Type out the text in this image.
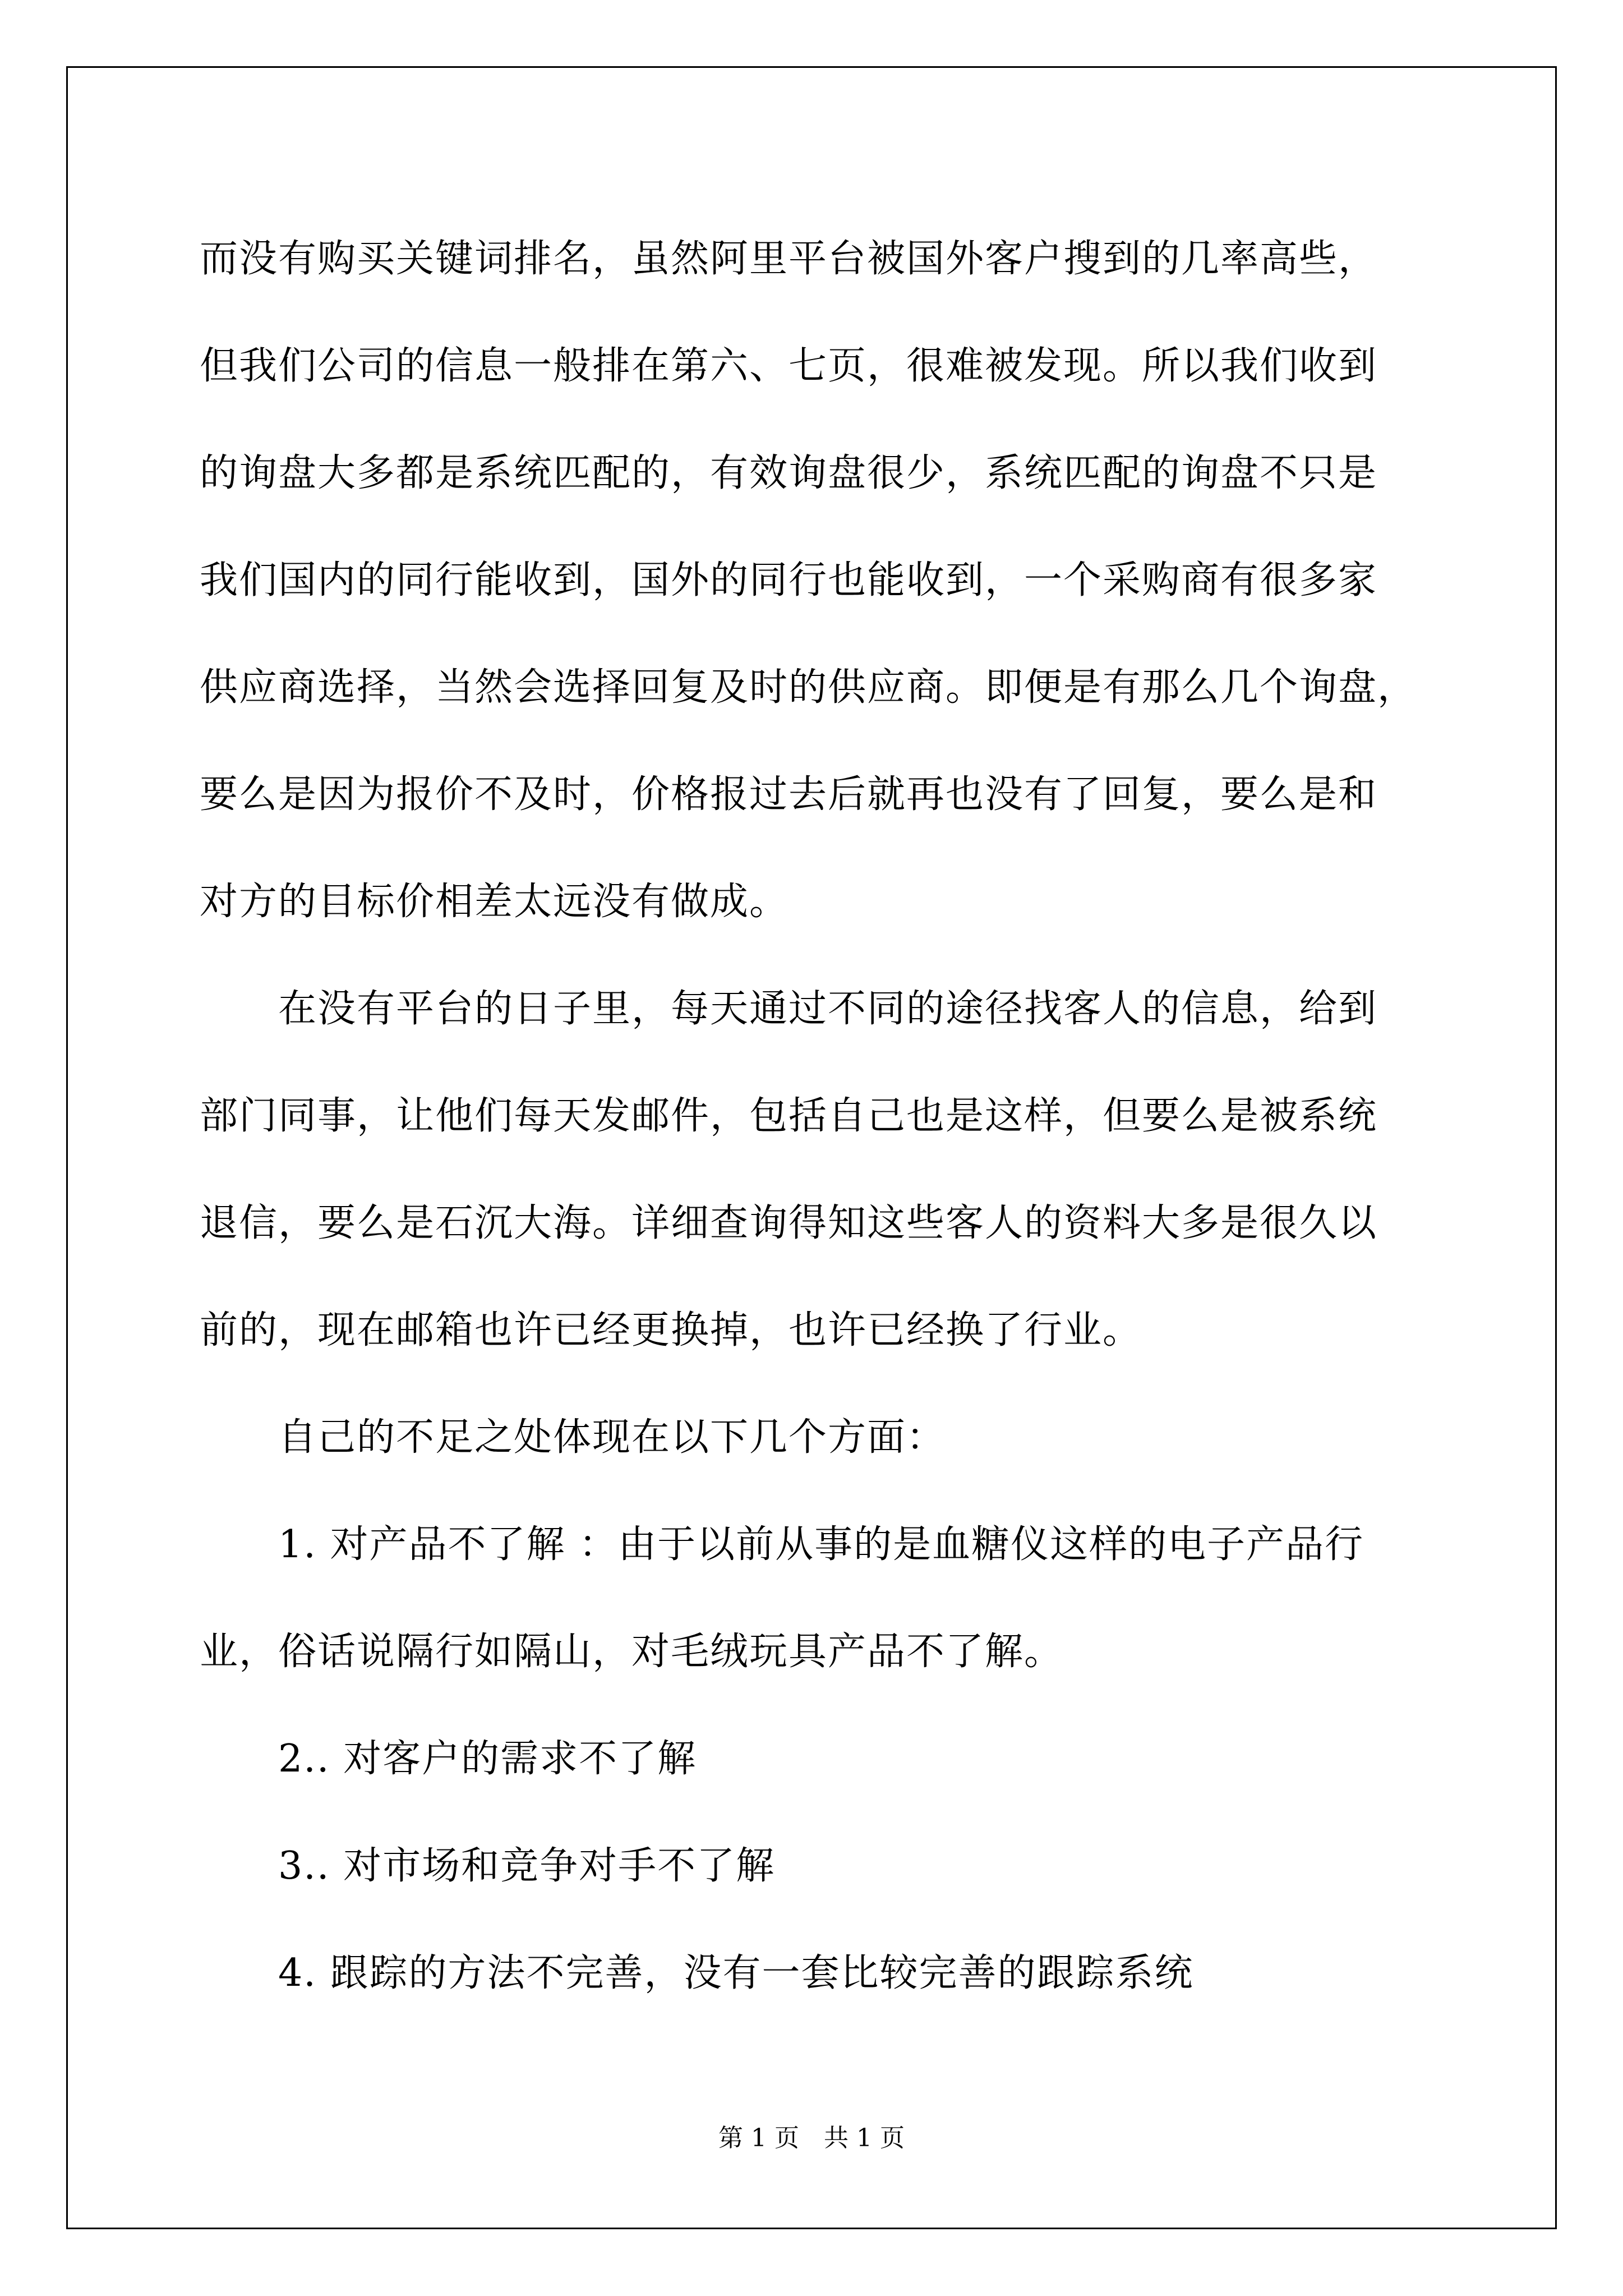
而没有购买关键词排名，虽然阿里平台被国外客户搜到的几率高些，

但我们公司的信息一般排在第六、七页，很难被发现。所以我们收到

的询盘大多都是系统匹配的，有效询盘很少，系统匹配的询盘不只是

我们国内的同行能收到，国外的同行也能收到，一个采购商有很多家

供应商选择，当然会选择回复及时的供应商。即便是有那么几个询盘，

要么是因为报价不及时，价格报过去后就再也没有了回复，要么是和

对方的目标价相差太远没有做成。

在没有平台的日子里，每天通过不同的途径找客人的信息，给到

部门同事，让他们每天发邮件，包括自己也是这样，但要么是被系统

退信，要么是石沉大海。详细查询得知这些客人的资料大多是很久以

前的，现在邮箱也许已经更换掉，也许已经换了行业。

自己的不足之处体现在以下几个方面：

1. 对产品不了解 ：由于以前从事的是血糖仪这样的电子产品行

业，俗话说隔行如隔山，对毛绒玩具产品不了解。

2.. 对客户的需求不了解

3.. 对市场和竞争对手不了解

4. 跟踪的方法不完善，没有一套比较完善的跟踪系统

第 1 页　共 1 页
